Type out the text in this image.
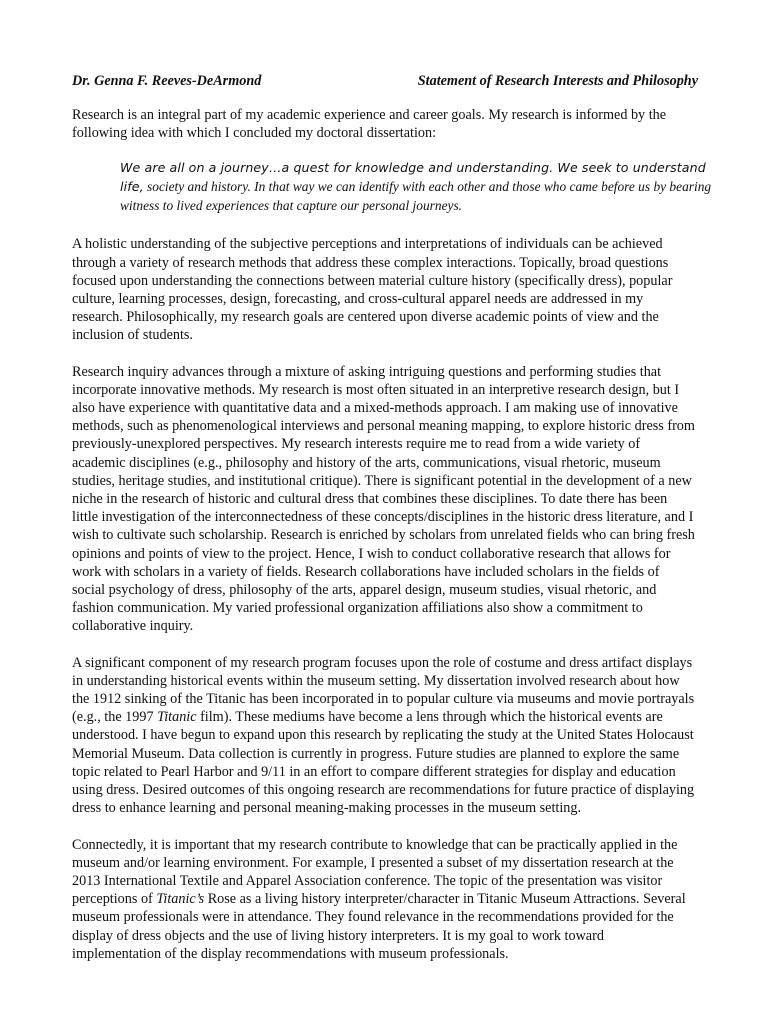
Dr. Genna F. Reeves-DeArmond	Statement of Research Interests and Philosophy

Research is an integral part of my academic experience and career goals. My research is informed by the following idea with which I concluded my doctoral dissertation:

We are all on a journey…a quest for knowledge and understanding. We seek to understand life, society and history. In that way we can identify with each other and those who came before us by bearing witness to lived experiences that capture our personal journeys.

A holistic understanding of the subjective perceptions and interpretations of individuals can be achieved through a variety of research methods that address these complex interactions. Topically, broad questions focused upon understanding the connections between material culture history (specifically dress), popular culture, learning processes, design, forecasting, and cross-cultural apparel needs are addressed in my research. Philosophically, my research goals are centered upon diverse academic points of view and the inclusion of students.

Research inquiry advances through a mixture of asking intriguing questions and performing studies that incorporate innovative methods. My research is most often situated in an interpretive research design, but I also have experience with quantitative data and a mixed-methods approach. I am making use of innovative methods, such as phenomenological interviews and personal meaning mapping, to explore historic dress from previously-unexplored perspectives. My research interests require me to read from a wide variety of academic disciplines (e.g., philosophy and history of the arts, communications, visual rhetoric, museum studies, heritage studies, and institutional critique). There is significant potential in the development of a new niche in the research of historic and cultural dress that combines these disciplines. To date there has been little investigation of the interconnectedness of these concepts/disciplines in the historic dress literature, and I wish to cultivate such scholarship. Research is enriched by scholars from unrelated fields who can bring fresh opinions and points of view to the project. Hence, I wish to conduct collaborative research that allows for work with scholars in a variety of fields. Research collaborations have included scholars in the fields of social psychology of dress, philosophy of the arts, apparel design, museum studies, visual rhetoric, and fashion communication. My varied professional organization affiliations also show a commitment to collaborative inquiry.

A significant component of my research program focuses upon the role of costume and dress artifact displays in understanding historical events within the museum setting. My dissertation involved research about how the 1912 sinking of the Titanic has been incorporated in to popular culture via museums and movie portrayals (e.g., the 1997 Titanic film). These mediums have become a lens through which the historical events are understood. I have begun to expand upon this research by replicating the study at the United States Holocaust Memorial Museum. Data collection is currently in progress. Future studies are planned to explore the same topic related to Pearl Harbor and 9/11 in an effort to compare different strategies for display and education using dress. Desired outcomes of this ongoing research are recommendations for future practice of displaying dress to enhance learning and personal meaning-making processes in the museum setting.

Connectedly, it is important that my research contribute to knowledge that can be practically applied in the museum and/or learning environment. For example, I presented a subset of my dissertation research at the 2013 International Textile and Apparel Association conference. The topic of the presentation was visitor perceptions of Titanic’s Rose as a living history interpreter/character in Titanic Museum Attractions. Several museum professionals were in attendance. They found relevance in the recommendations provided for the display of dress objects and the use of living history interpreters. It is my goal to work toward implementation of the display recommendations with museum professionals.
